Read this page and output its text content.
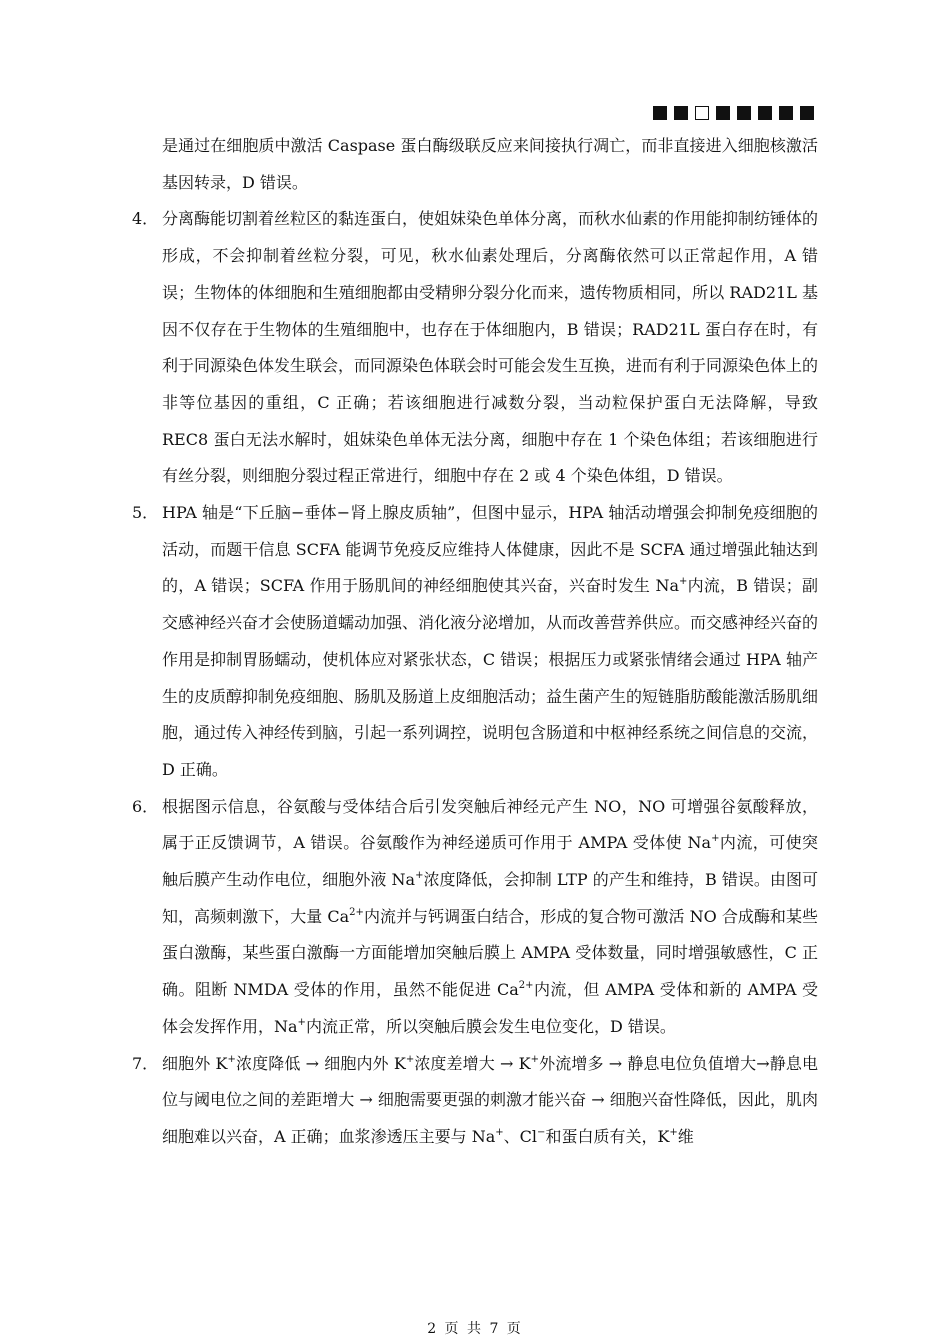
是通过在细胞质中激活 Caspase 蛋白酶级联反应来间接执行凋亡，而非直接进入细胞核激活基因转录，D 错误。

4． 分离酶能切割着丝粒区的黏连蛋白，使姐妹染色单体分离，而秋水仙素的作用能抑制纺锤体的形成，不会抑制着丝粒分裂，可见，秋水仙素处理后，分离酶依然可以正常起作用，A 错误；生物体的体细胞和生殖细胞都由受精卵分裂分化而来，遗传物质相同，所以 RAD21L 基因不仅存在于生物体的生殖细胞中，也存在于体细胞内，B 错误；RAD21L 蛋白存在时，有利于同源染色体发生联会，而同源染色体联会时可能会发生互换，进而有利于同源染色体上的非等位基因的重组，C 正确；若该细胞进行减数分裂，当动粒保护蛋白无法降解，导致 REC8 蛋白无法水解时，姐妹染色单体无法分离，细胞中存在 1 个染色体组；若该细胞进行有丝分裂，则细胞分裂过程正常进行，细胞中存在 2 或 4 个染色体组，D 错误。
5． HPA 轴是“下丘脑−垂体−肾上腺皮质轴”，但图中显示，HPA 轴活动增强会抑制免疫细胞的活动，而题干信息 SCFA 能调节免疫反应维持人体健康，因此不是 SCFA 通过增强此轴达到的，A 错误；SCFA 作用于肠肌间的神经细胞使其兴奋，兴奋时发生 Na+内流，B 错误；副交感神经兴奋才会使肠道蠕动加强、消化液分泌增加，从而改善营养供应。而交感神经兴奋的作用是抑制胃肠蠕动，使机体应对紧张状态，C 错误；根据压力或紧张情绪会通过 HPA 轴产生的皮质醇抑制免疫细胞、肠肌及肠道上皮细胞活动；益生菌产生的短链脂肪酸能激活肠肌细胞，通过传入神经传到脑，引起一系列调控，说明包含肠道和中枢神经系统之间信息的交流，D 正确。
6． 根据图示信息，谷氨酸与受体结合后引发突触后神经元产生 NO，NO 可增强谷氨酸释放，属于正反馈调节，A 错误。谷氨酸作为神经递质可作用于 AMPA 受体使 Na+内流，可使突触后膜产生动作电位，细胞外液 Na+浓度降低，会抑制 LTP 的产生和维持，B 错误。由图可知，高频刺激下，大量 $Ca^{2+}$内流并与钙调蛋白结合，形成的复合物可激活 NO 合成酶和某些蛋白激酶，某些蛋白激酶一方面能增加突触后膜上 AMPA 受体数量，同时增强敏感性，C 正确。阻断 NMDA 受体的作用，虽然不能促进 $Ca^{2+}$内流，但 AMPA 受体和新的 AMPA 受体会发挥作用，Na+内流正常，所以突触后膜会发生电位变化，D 错误。
7． 细胞外 K+浓度降低 → 细胞内外 K+浓度差增大 → K+外流增多 → 静息电位负值增大→静息电位与阈电位之间的差距增大 → 细胞需要更强的刺激才能兴奋 → 细胞兴奋性降低，因此，肌肉细胞难以兴奋，A 正确；血浆渗透压主要与 Na+、Cl−和蛋白质有关，K+维
2 页 共 7 页
